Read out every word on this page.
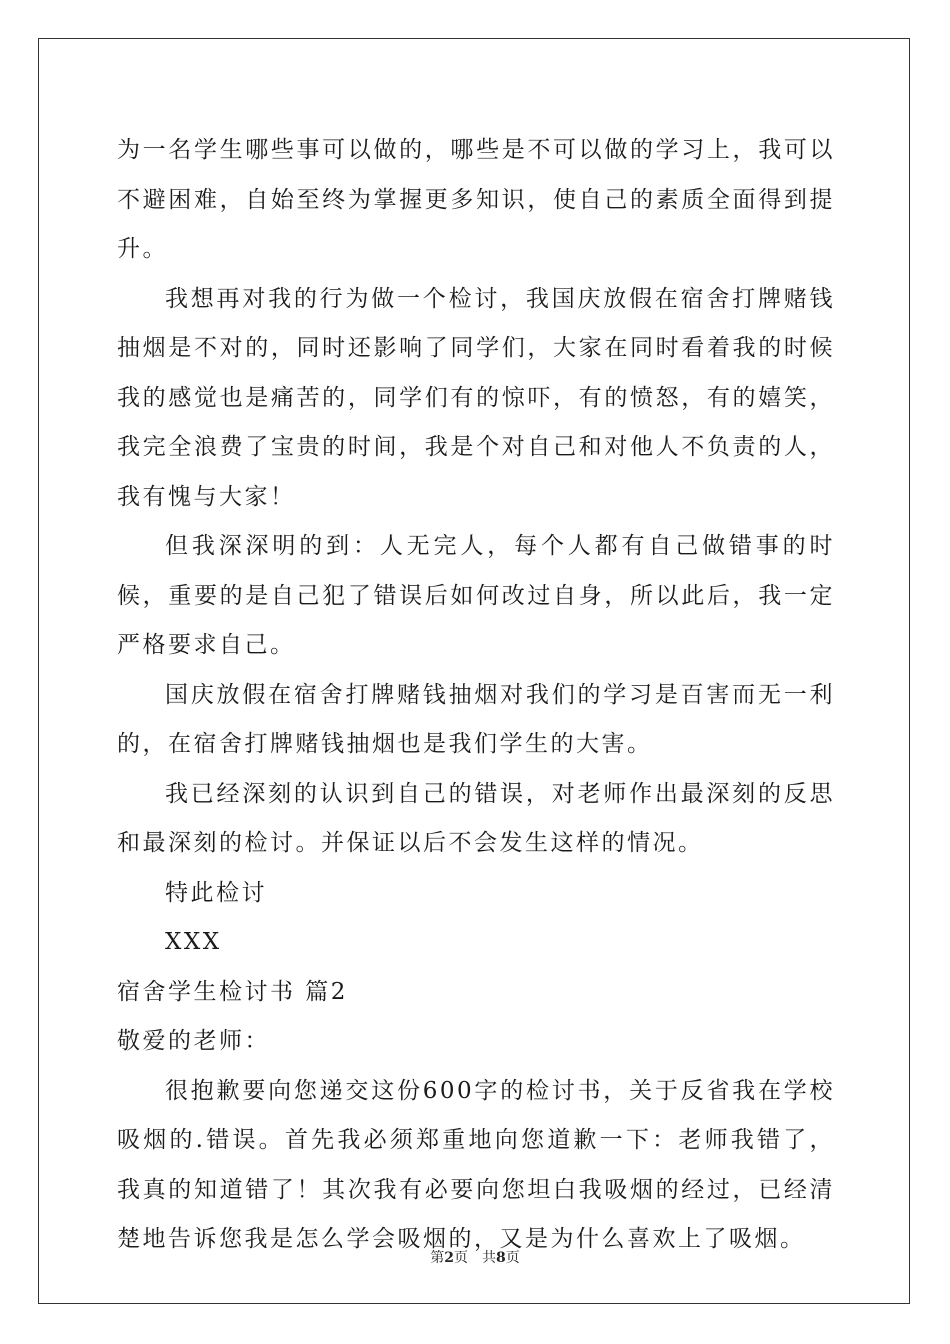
为一名学生哪些事可以做的，哪些是不可以做的学习上，我可以不避困难，自始至终为掌握更多知识，使自己的素质全面得到提升。

我想再对我的行为做一个检讨，我国庆放假在宿舍打牌赌钱抽烟是不对的，同时还影响了同学们，大家在同时看着我的时候我的感觉也是痛苦的，同学们有的惊吓，有的愤怒，有的嬉笑，我完全浪费了宝贵的时间，我是个对自己和对他人不负责的人，我有愧与大家！

但我深深明的到：人无完人，每个人都有自己做错事的时候，重要的是自己犯了错误后如何改过自身，所以此后，我一定严格要求自己。

国庆放假在宿舍打牌赌钱抽烟对我们的学习是百害而无一利的，在宿舍打牌赌钱抽烟也是我们学生的大害。

我已经深刻的认识到自己的错误，对老师作出最深刻的反思和最深刻的检讨。并保证以后不会发生这样的情况。

特此检讨

XXX

宿舍学生检讨书 篇2

敬爱的老师：

很抱歉要向您递交这份600字的检讨书，关于反省我在学校吸烟的.错误。首先我必须郑重地向您道歉一下：老师我错了，我真的知道错了！其次我有必要向您坦白我吸烟的经过，已经清楚地告诉您我是怎么学会吸烟的，又是为什么喜欢上了吸烟。

第2页　共8页
